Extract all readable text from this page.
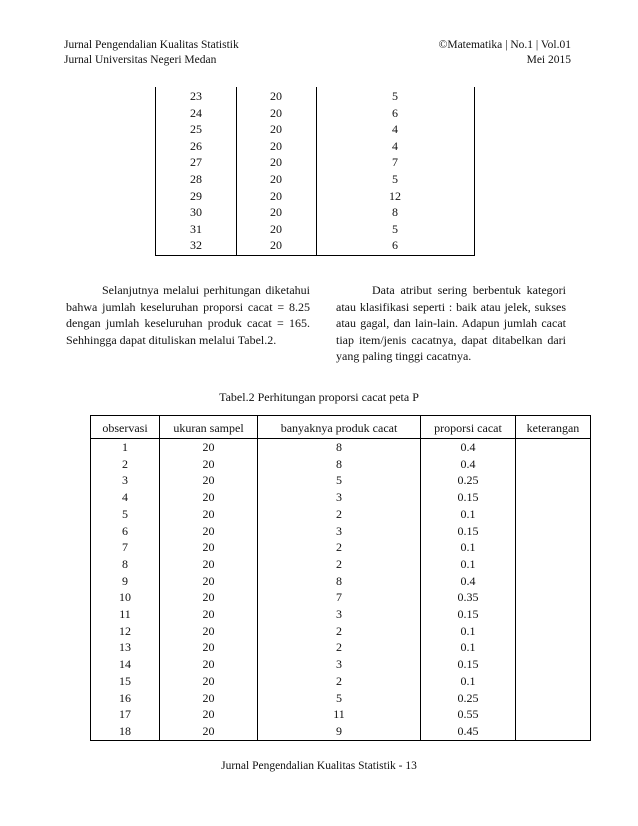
Jurnal Pengendalian Kualitas Statistik
Jurnal Universitas Negeri Medan
©Matematika | No.1 | Vol.01
Mei 2015
23	20	5
24	20	6
25	20	4
26	20	4
27	20	7
28	20	5
29	20	12
30	20	8
31	20	5
32	20	6

Selanjutnya melalui perhitungan diketahui bahwa jumlah keseluruhan proporsi cacat = 8.25 dengan jumlah keseluruhan produk cacat = 165. Sehhingga dapat dituliskan melalui Tabel.2.

Data atribut sering berbentuk kategori atau klasifikasi seperti : baik atau jelek, sukses atau gagal, dan lain-lain. Adapun jumlah cacat tiap item/jenis cacatnya, dapat ditabelkan dari yang paling tinggi cacatnya.

Tabel.2 Perhitungan proporsi cacat peta P
observasi	ukuran sampel	banyaknya produk cacat	proporsi cacat	keterangan
1	20	8	0.4	
2	20	8	0.4	
3	20	5	0.25	
4	20	3	0.15	
5	20	2	0.1	
6	20	3	0.15	
7	20	2	0.1	
8	20	2	0.1	
9	20	8	0.4	
10	20	7	0.35	
11	20	3	0.15	
12	20	2	0.1	
13	20	2	0.1	
14	20	3	0.15	
15	20	2	0.1	
16	20	5	0.25	
17	20	11	0.55	
18	20	9	0.45	
Jurnal Pengendalian Kualitas Statistik - 13
